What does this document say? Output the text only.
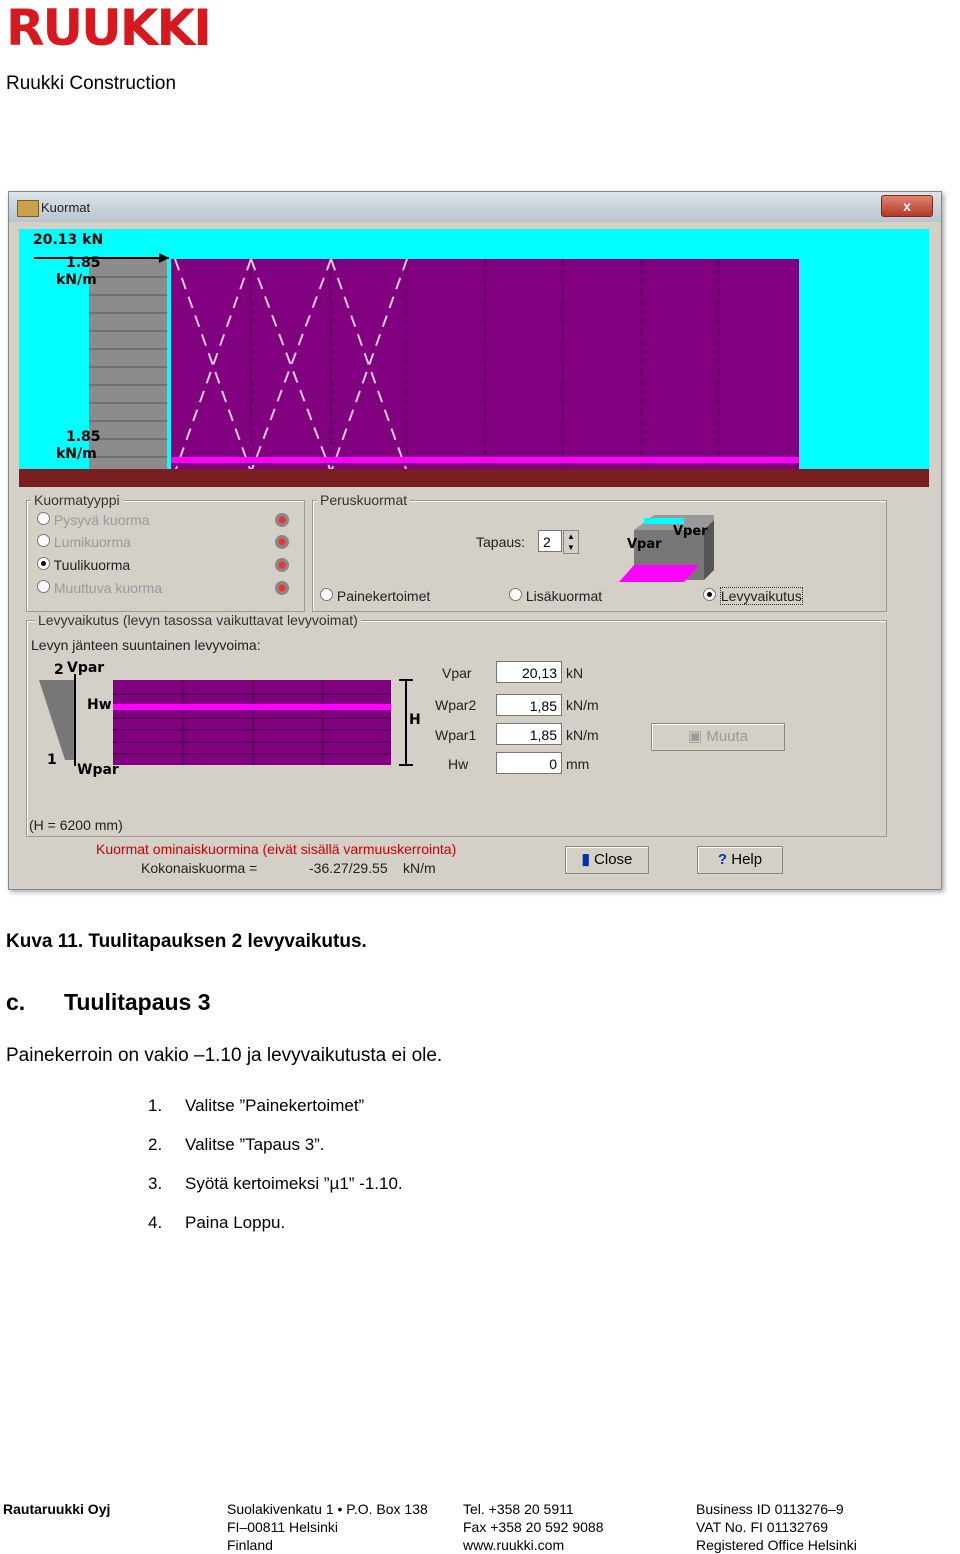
RUUKKI
Ruukki Construction
Kuormat	x
20.13 kN
1.85
kN/m
1.85
kN/m
Kuormatyyppi
Pysyvä kuorma
Lumikuorma
Tuulikuorma
Muuttuva kuorma
Peruskuormat
Tapaus:	2	▲
▼	Vpar
Vper
Painekertoimet	Lisäkuormat	Levyvaikutus
Levyvaikutus (levyn tasossa vaikuttavat levyvoimat)
Levyn jänteen suuntainen levyvoima:
2 Vpar
Hw
1
Wpar
H
Vpar	20,13 kN
Wpar2	1,85 kN/m
Wpar1	1,85 kN/m
Hw	0 mm
▣ Muuta
(H = 6200 mm)
Kuormat ominaiskuormina (eivät sisällä varmuuskerrointa)
Kokonaiskuorma =	-36.27/29.55 kN/m	▮ Close	? Help
Kuva 11. Tuulitapauksen 2 levyvaikutus.
c. Tuulitapaus 3
Painekerroin on vakio –1.10 ja levyvaikutusta ei ole.
1. Valitse ”Painekertoimet”
2. Valitse ”Tapaus 3”.
3. Syötä kertoimeksi ”µ1” -1.10.
4. Paina Loppu.
Rautaruukki Oyj	Suolakivenkatu 1 • P.O. Box 138
FI–00811 Helsinki
Finland
Tel. +358 20 5911
Fax +358 20 592 9088
www.ruukki.com
Business ID 0113276–9
VAT No. FI 01132769
Registered Office Helsinki
